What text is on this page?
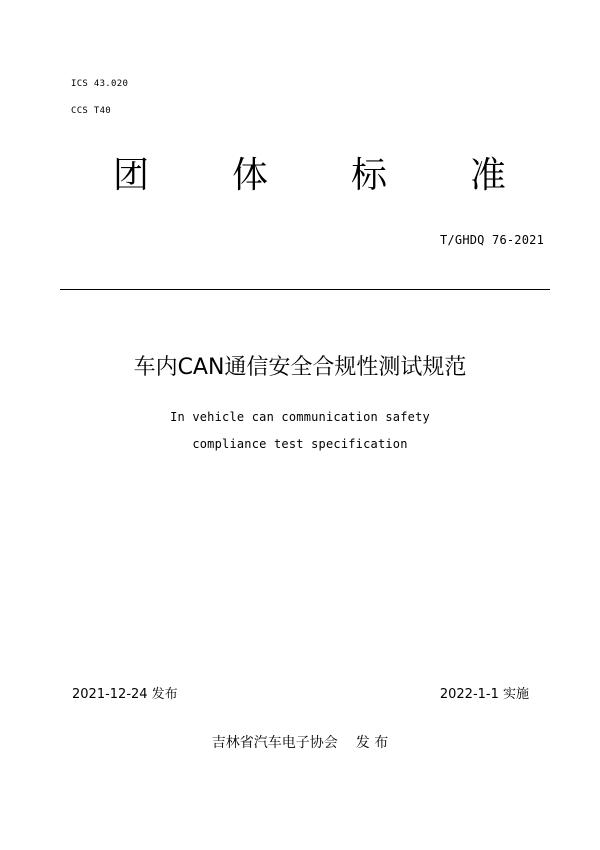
ICS 43.020
CCS T40
团 体 标 准
T/GHDQ 76-2021
车内CAN通信安全合规性测试规范
In vehicle can communication safety
compliance test specification
2021-12-24 发布	2022-1-1 实施
吉林省汽车电子协会 发 布
